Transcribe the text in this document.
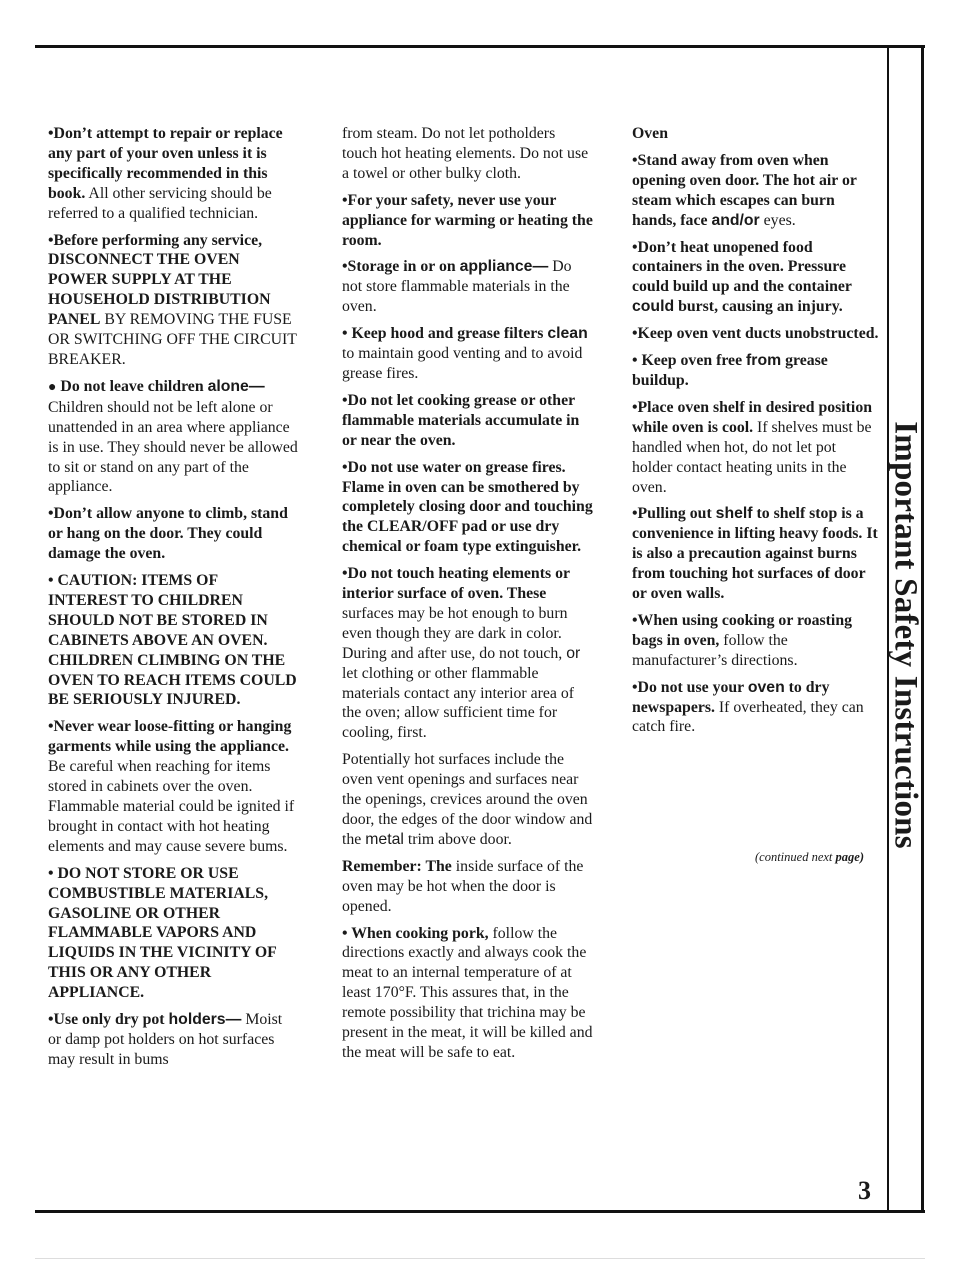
Important Safety Instructions

•Don’t attempt to repair or replace any part of your oven unless it is specifically recommended in this book. All other servicing should be referred to a qualified technician.

•Before performing any service, DISCONNECT THE OVEN POWER SUPPLY AT THE HOUSEHOLD DISTRIBUTION PANEL BY REMOVING THE FUSE OR SWITCHING OFF THE CIRCUIT BREAKER.

● Do not leave children alone— Children should not be left alone or unattended in an area where appliance is in use. They should never be allowed to sit or stand on any part of the appliance.

•Don’t allow anyone to climb, stand or hang on the door. They could damage the oven.

• CAUTION: ITEMS OF INTEREST TO CHILDREN SHOULD NOT BE STORED IN CABINETS ABOVE AN OVEN. CHILDREN CLIMBING ON THE OVEN TO REACH ITEMS COULD BE SERIOUSLY INJURED.

•Never wear loose-fitting or hanging garments while using the appliance. Be careful when reaching for items stored in cabinets over the oven. Flammable material could be ignited if brought in contact with hot heating elements and may cause severe bums.

• DO NOT STORE OR USE COMBUSTIBLE MATERIALS, GASOLINE OR OTHER FLAMMABLE VAPORS AND LIQUIDS IN THE VICINITY OF THIS OR ANY OTHER APPLIANCE.

•Use only dry pot holders— Moist or damp pot holders on hot surfaces may result in bums

from steam. Do not let potholders touch hot heating elements. Do not use a towel or other bulky cloth.

•For your safety, never use your appliance for warming or heating the room.

•Storage in or on appliance— Do not store flammable materials in the oven.

• Keep hood and grease filters clean to maintain good venting and to avoid grease fires.

•Do not let cooking grease or other flammable materials accumulate in or near the oven.

•Do not use water on grease fires. Flame in oven can be smothered by completely closing door and touching the CLEAR/OFF pad or use dry chemical or foam type extinguisher.

•Do not touch heating elements or interior surface of oven. These surfaces may be hot enough to burn even though they are dark in color. During and after use, do not touch, or let clothing or other flammable materials contact any interior area of the oven; allow sufficient time for cooling, first.

Potentially hot surfaces include the oven vent openings and surfaces near the openings, crevices around the oven door, the edges of the door window and the metal trim above door.

Remember: The inside surface of the oven may be hot when the door is opened.

• When cooking pork, follow the directions exactly and always cook the meat to an internal temperature of at least 170°F. This assures that, in the remote possibility that trichina may be present in the meat, it will be killed and the meat will be safe to eat.

Oven

•Stand away from oven when opening oven door. The hot air or steam which escapes can burn hands, face and/or eyes.

•Don’t heat unopened food containers in the oven. Pressure could build up and the container could burst, causing an injury.

•Keep oven vent ducts unobstructed.

• Keep oven free from grease buildup.

•Place oven shelf in desired position while oven is cool. If shelves must be handled when hot, do not let pot holder contact heating units in the oven.

•Pulling out shelf to shelf stop is a convenience in lifting heavy foods. It is also a precaution against burns from touching hot surfaces of door or oven walls.

•When using cooking or roasting bags in oven, follow the manufacturer’s directions.

•Do not use your oven to dry newspapers. If overheated, they can catch fire.

(continued next page)
3
